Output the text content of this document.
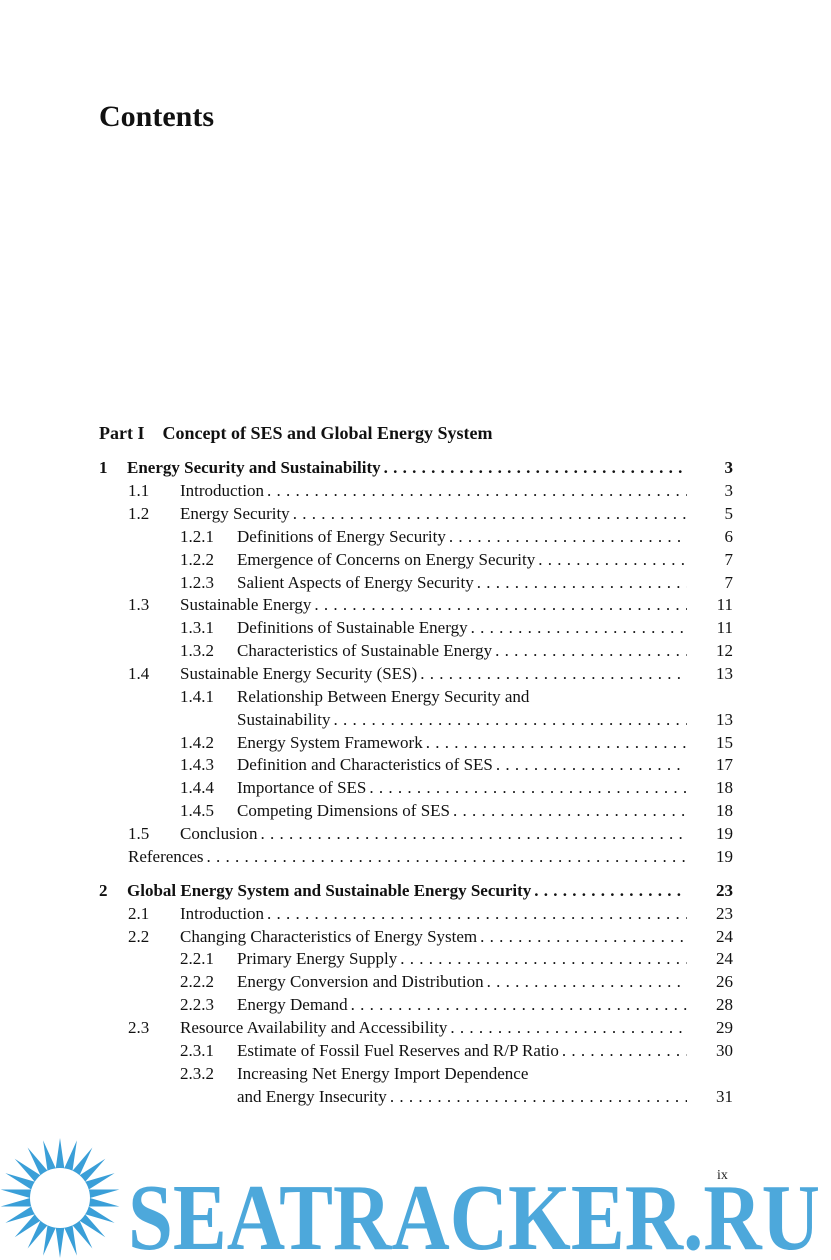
Contents
Part I Concept of SES and Global Energy System
1 Energy Security and Sustainability . . .	3
1.1 Introduction . . .	3
1.2 Energy Security . . .	5
1.2.1 Definitions of Energy Security . . .	6
1.2.2 Emergence of Concerns on Energy Security . . .	7
1.2.3 Salient Aspects of Energy Security . . .	7
1.3 Sustainable Energy . . .	11
1.3.1 Definitions of Sustainable Energy . . .	11
1.3.2 Characteristics of Sustainable Energy . . .	12
1.4 Sustainable Energy Security (SES) . . .	13
1.4.1 Relationship Between Energy Security and
Sustainability . . .	13
1.4.2 Energy System Framework . . .	15
1.4.3 Definition and Characteristics of SES . . .	17
1.4.4 Importance of SES . . .	18
1.4.5 Competing Dimensions of SES . . .	18
1.5 Conclusion . . .	19
References . . .	19
2 Global Energy System and Sustainable Energy Security . . .	23
2.1 Introduction . . .	23
2.2 Changing Characteristics of Energy System . . .	24
2.2.1 Primary Energy Supply . . .	24
2.2.2 Energy Conversion and Distribution . . .	26
2.2.3 Energy Demand . . .	28
2.3 Resource Availability and Accessibility . . .	29
2.3.1 Estimate of Fossil Fuel Reserves and R/P Ratio . . .	30
2.3.2 Increasing Net Energy Import Dependence
and Energy Insecurity . . .	31
SEATRACKER.RU
ix
